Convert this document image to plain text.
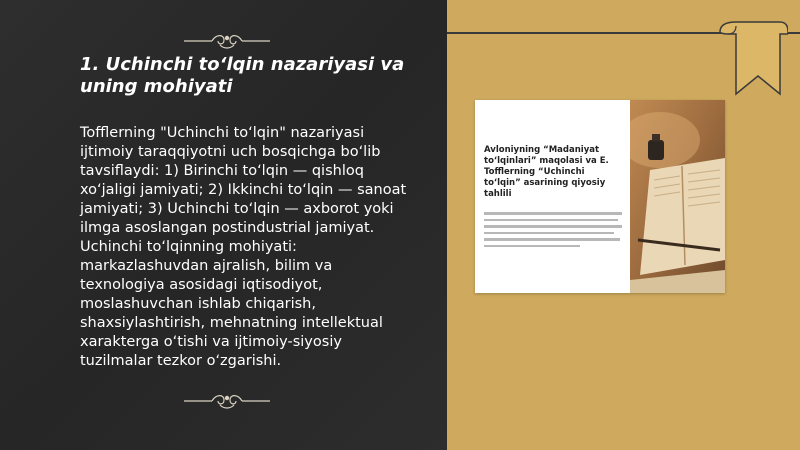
1. Uchinchi to‘lqin nazariyasi va uning mohiyati

Tofflerning "Uchinchi to‘lqin" nazariyasi ijtimoiy taraqqiyotni uch bosqichga bo‘lib tavsiflaydi: 1) Birinchi to‘lqin — qishloq xo‘jaligi jamiyati; 2) Ikkinchi to‘lqin — sanoat jamiyati; 3) Uchinchi to‘lqin — axborot yoki ilmga asoslangan postindustrial jamiyat. Uchinchi to‘lqinning mohiyati: markazlashuvdan ajralish, bilim va texnologiya asosidagi iqtisodiyot, moslashuvchan ishlab chiqarish, shaxsiylashtirish, mehnatning intellektual xarakterga o‘tishi va ijtimoiy-siyosiy tuzilmalar tezkor o‘zgarishi.

Avloniyning “Madaniyat to‘lqinlari” maqolasi va E. Tofflerning “Uchinchi to‘lqin” asarining qiyosiy tahlili
